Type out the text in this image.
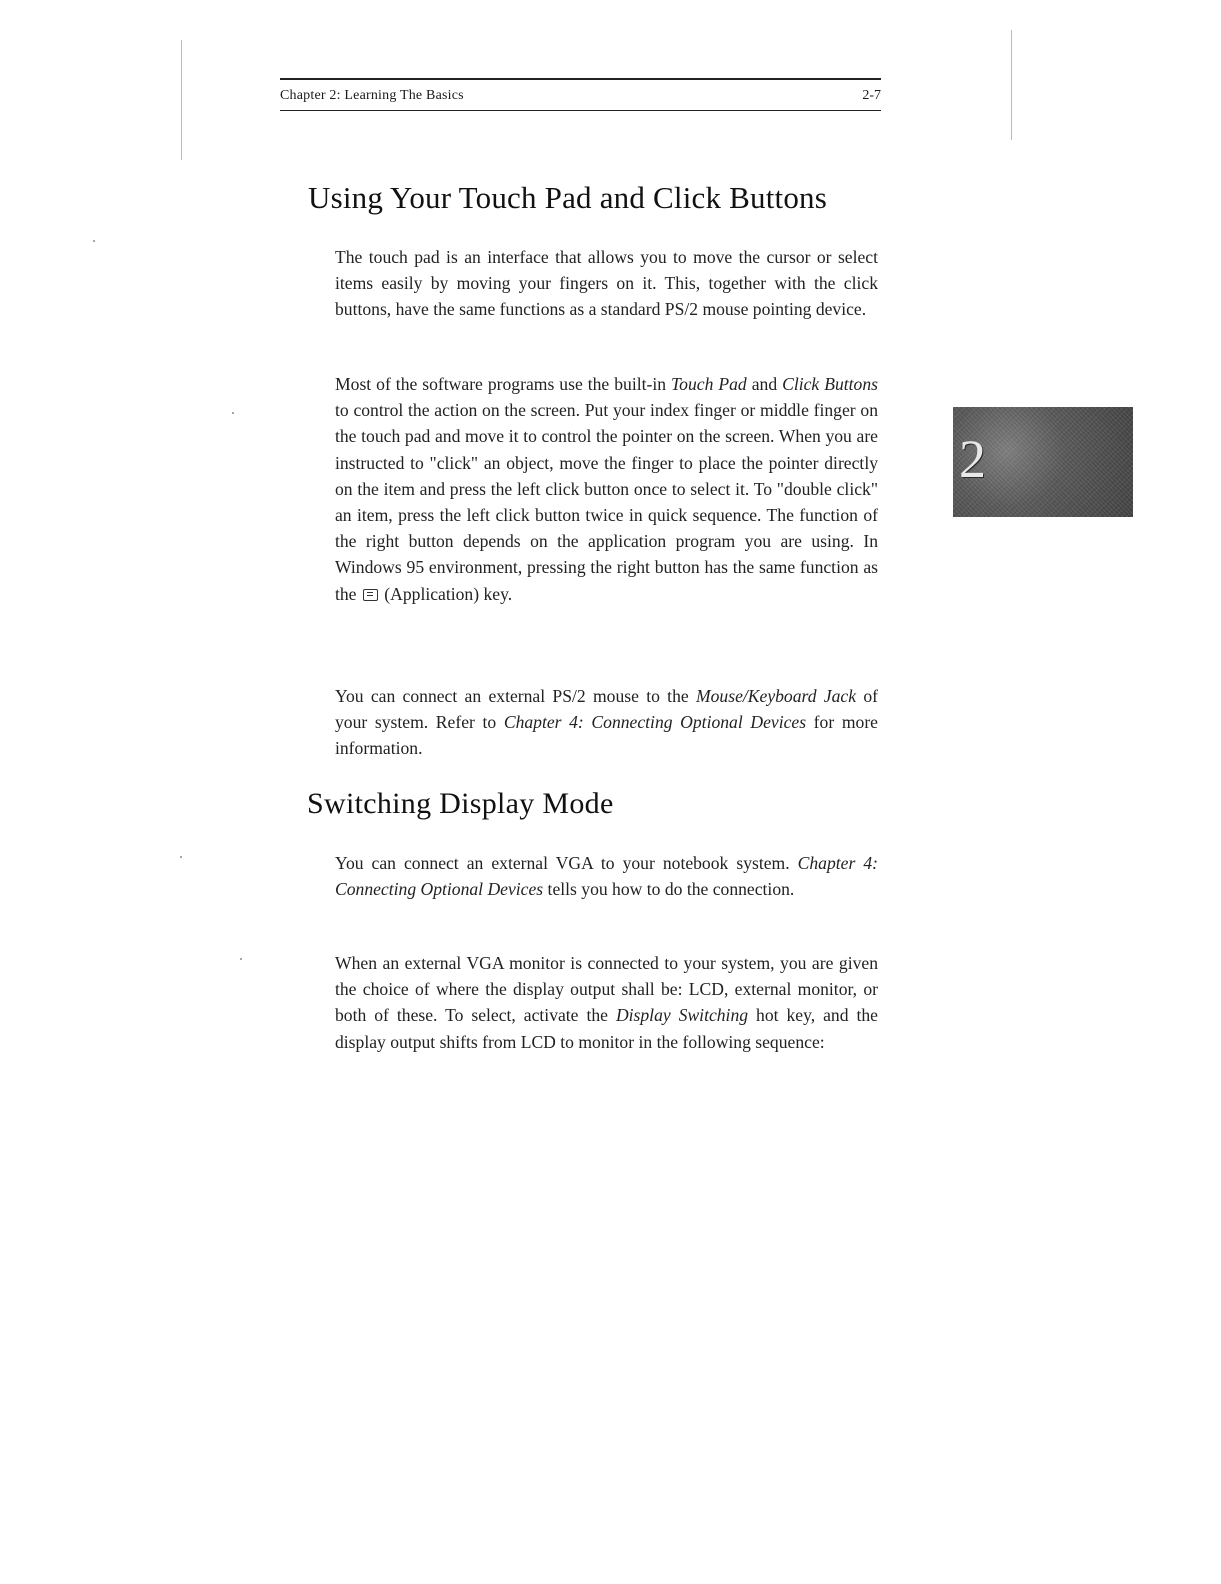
Chapter 2: Learning The Basics	2-7
Using Your Touch Pad and Click Buttons

The touch pad is an interface that allows you to move the cursor or select items easily by moving your fingers on it. This, together with the click buttons, have the same functions as a standard PS/2 mouse pointing device.

Most of the software programs use the built-in Touch Pad and Click Buttons to control the action on the screen. Put your index finger or middle finger on the touch pad and move it to control the pointer on the screen. When you are instructed to "click" an object, move the finger to place the pointer directly on the item and press the left click button once to select it. To "double click" an item, press the left click button twice in quick sequence. The function of the right button depends on the application program you are using. In Windows 95 environment, pressing the right button has the same function as the  (Application) key.

You can connect an external PS/2 mouse to the Mouse/Keyboard Jack of your system. Refer to Chapter 4: Connecting Optional Devices for more information.

Switching Display Mode

You can connect an external VGA to your notebook system. Chapter 4: Connecting Optional Devices tells you how to do the connection.

When an external VGA monitor is connected to your system, you are given the choice of where the display output shall be: LCD, external monitor, or both of these. To select, activate the Display Switching hot key, and the display output shifts from LCD to monitor in the following sequence:

2
